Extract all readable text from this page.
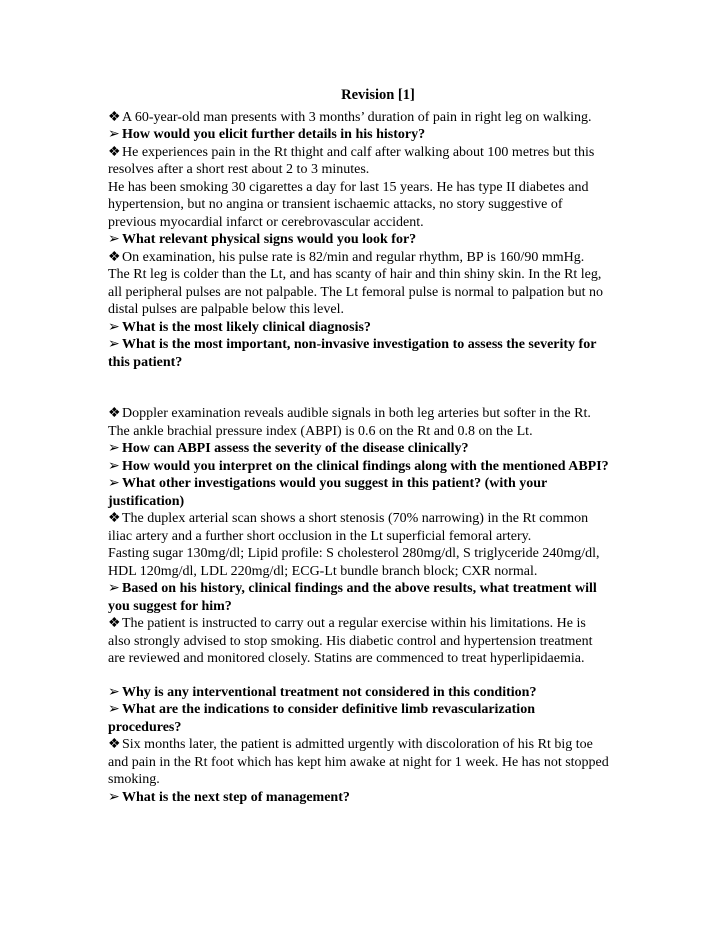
Revision [1]
❖A 60-year-old man presents with 3 months’ duration of pain in right leg on walking.
➢ How would you elicit further details in his history?
❖He experiences pain in the Rt thight and calf after walking about 100 metres but this
resolves after a short rest about 2 to 3 minutes.
He has been smoking 30 cigarettes a day for last 15 years. He has type II diabetes and
hypertension, but no angina or transient ischaemic attacks, no story suggestive of
previous myocardial infarct or cerebrovascular accident.
➢ What relevant physical signs would you look for?
❖On examination, his pulse rate is 82/min and regular rhythm, BP is 160/90 mmHg.
The Rt leg is colder than the Lt, and has scanty of hair and thin shiny skin. In the Rt leg,
all peripheral pulses are not palpable. The Lt femoral pulse is normal to palpation but no
distal pulses are palpable below this level.
➢ What is the most likely clinical diagnosis?
➢ What is the most important, non-invasive investigation to assess the severity for
this patient?
❖Doppler examination reveals audible signals in both leg arteries but softer in the Rt.
The ankle brachial pressure index (ABPI) is 0.6 on the Rt and 0.8 on the Lt.
➢ How can ABPI assess the severity of the disease clinically?
➢ How would you interpret on the clinical findings along with the mentioned ABPI?
➢ What other investigations would you suggest in this patient? (with your
justification)
❖The duplex arterial scan shows a short stenosis (70% narrowing) in the Rt common
iliac artery and a further short occlusion in the Lt superficial femoral artery.
Fasting sugar 130mg/dl; Lipid profile: S cholesterol 280mg/dl, S triglyceride 240mg/dl,
HDL 120mg/dl, LDL 220mg/dl; ECG-Lt bundle branch block; CXR normal.
➢ Based on his history, clinical findings and the above results, what treatment will
you suggest for him?
❖The patient is instructed to carry out a regular exercise within his limitations. He is
also strongly advised to stop smoking. His diabetic control and hypertension treatment
are reviewed and monitored closely. Statins are commenced to treat hyperlipidaemia.
➢ Why is any interventional treatment not considered in this condition?
➢ What are the indications to consider definitive limb revascularization
procedures?
❖Six months later, the patient is admitted urgently with discoloration of his Rt big toe
and pain in the Rt foot which has kept him awake at night for 1 week. He has not stopped
smoking.
➢ What is the next step of management?
